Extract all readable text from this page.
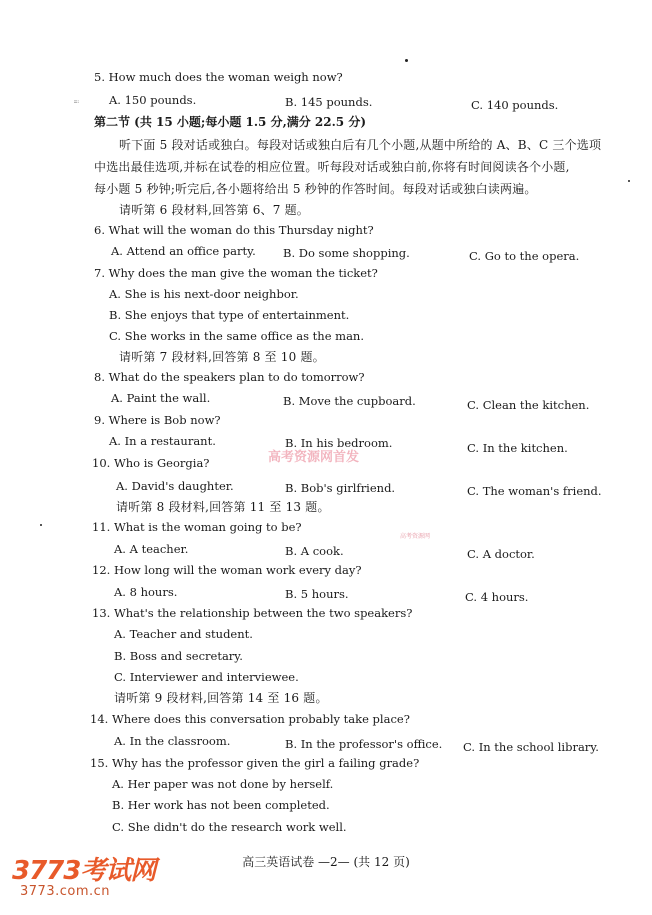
5. How much does the woman weigh now?
A. 150 pounds.	B. 145 pounds.	C. 140 pounds.
第二节 (共 15 小题;每小题 1.5 分,满分 22.5 分)
听下面 5 段对话或独白。每段对话或独白后有几个小题,从题中所给的 A、B、C 三个选项
中选出最佳选项,并标在试卷的相应位置。听每段对话或独白前,你将有时间阅读各个小题,
每小题 5 秒钟;听完后,各小题将给出 5 秒钟的作答时间。每段对话或独白读两遍。
请听第 6 段材料,回答第 6、7 题。
6. What will the woman do this Thursday night?
A. Attend an office party. B. Do some shopping.	C. Go to the opera.
7. Why does the man give the woman the ticket?
A. She is his next-door neighbor.
B. She enjoys that type of entertainment.
C. She works in the same office as the man.
请听第 7 段材料,回答第 8 至 10 题。
8. What do the speakers plan to do tomorrow?
A. Paint the wall.	B. Move the cupboard.	C. Clean the kitchen.
9. Where is Bob now?
A. In a restaurant.	B. In his bedroom.	C. In the kitchen.
10. Who is Georgia?
A. David's daughter.	B. Bob's girlfriend.	C. The woman's friend.
请听第 8 段材料,回答第 11 至 13 题。
11. What is the woman going to be?
A. A teacher.	B. A cook.	C. A doctor.
12. How long will the woman work every day?
A. 8 hours.	B. 5 hours.	C. 4 hours.
13. What's the relationship between the two speakers?
A. Teacher and student.
B. Boss and secretary.
C. Interviewer and interviewee.
请听第 9 段材料,回答第 14 至 16 题。
14. Where does this conversation probably take place?
A. In the classroom.	B. In the professor's office. C. In the school library.
15. Why has the professor given the girl a failing grade?
A. Her paper was not done by herself.
B. Her work has not been completed.
C. She didn't do the research work well.
高三英语试卷 —2— (共 12 页)
高考资源网首发
高考资源网
3773考试网
3773.com.cn
⁞⁞
